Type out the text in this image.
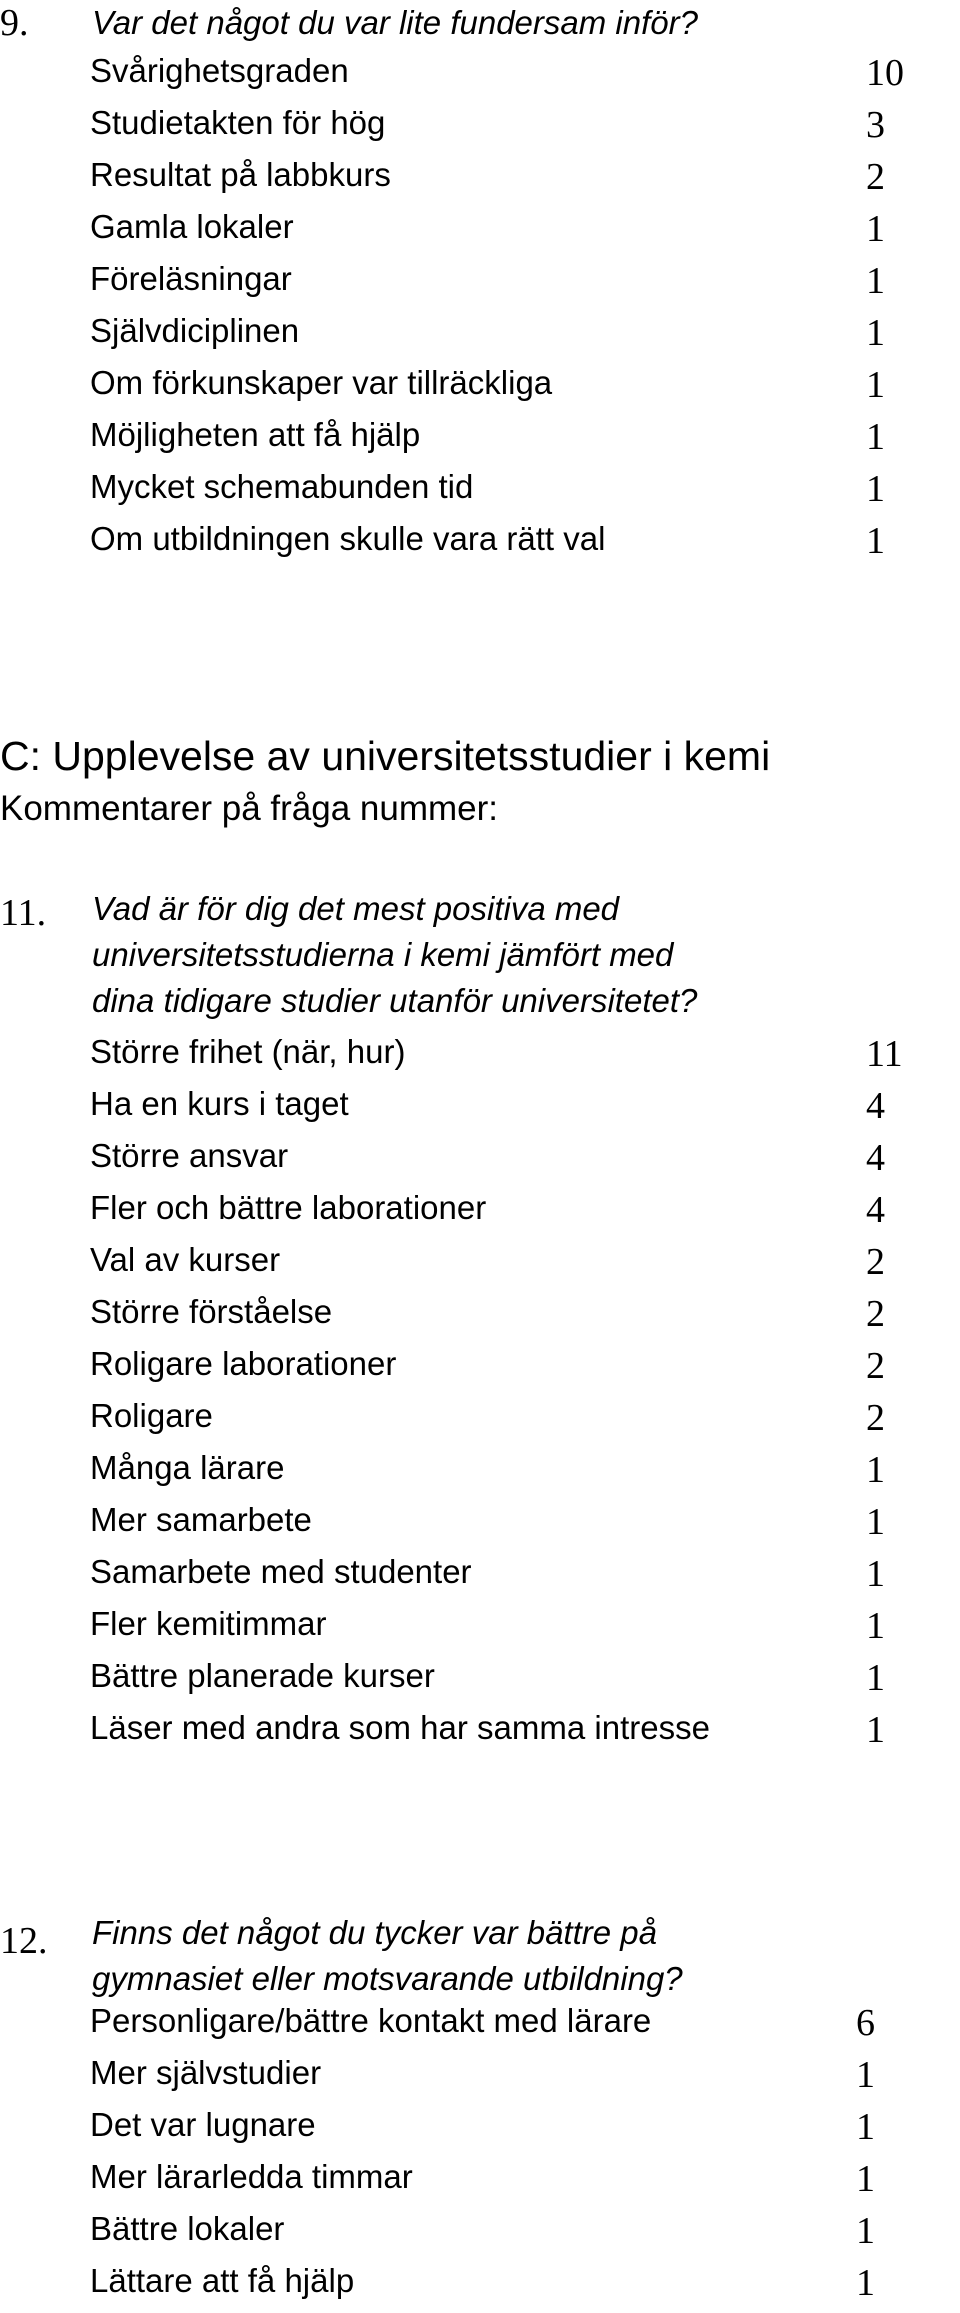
9. Var det något du var lite fundersam inför?
Svårighetsgraden	10
Studietakten för hög	3
Resultat på labbkurs	2
Gamla lokaler	1
Föreläsningar	1
Självdiciplinen	1
Om förkunskaper var tillräckliga	1
Möjligheten att få hjälp	1
Mycket schemabunden tid	1
Om utbildningen skulle vara rätt val	1
C: Upplevelse av universitetsstudier i kemi
Kommentarer på fråga nummer:
11. Vad är för dig det mest positiva med
universitetsstudierna i kemi jämfört med
dina tidigare studier utanför universitetet?
Större frihet (när, hur)	11
Ha en kurs i taget	4
Större ansvar	4
Fler och bättre laborationer	4
Val av kurser	2
Större förståelse	2
Roligare laborationer	2
Roligare	2
Många lärare	1
Mer samarbete	1
Samarbete med studenter	1
Fler kemitimmar	1
Bättre planerade kurser	1
Läser med andra som har samma intresse	1
12. Finns det något du tycker var bättre på
gymnasiet eller motsvarande utbildning?
Personligare/bättre kontakt med lärare	6
Mer självstudier	1
Det var lugnare	1
Mer lärarledda timmar	1
Bättre lokaler	1
Lättare att få hjälp	1
